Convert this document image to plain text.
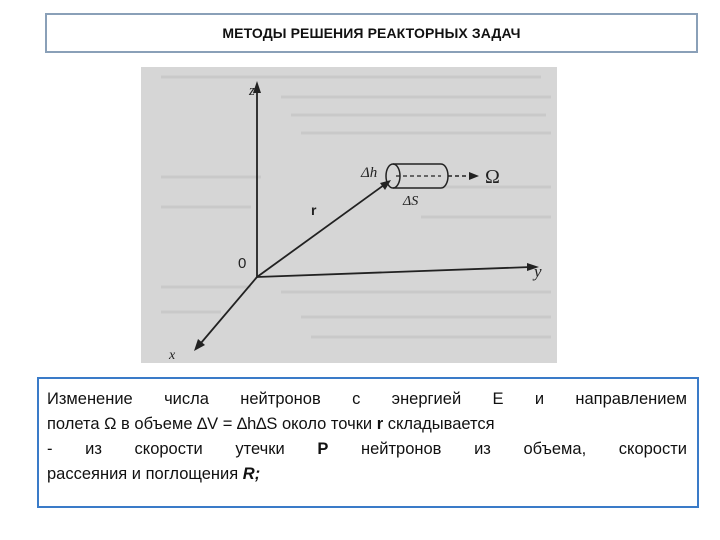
МЕТОДЫ РЕШЕНИЯ РЕАКТОРНЫХ ЗАДАЧ
z
y
x
0
r
Δh
ΔS
Ω

Изменение числа нейтронов с энергией Е и направлением

полета Ω в объеме ∆V = ∆h∆S около точки r складывается

- из скорости утечки Р нейтронов из объема, скорости

рассеяния и поглощения R;
